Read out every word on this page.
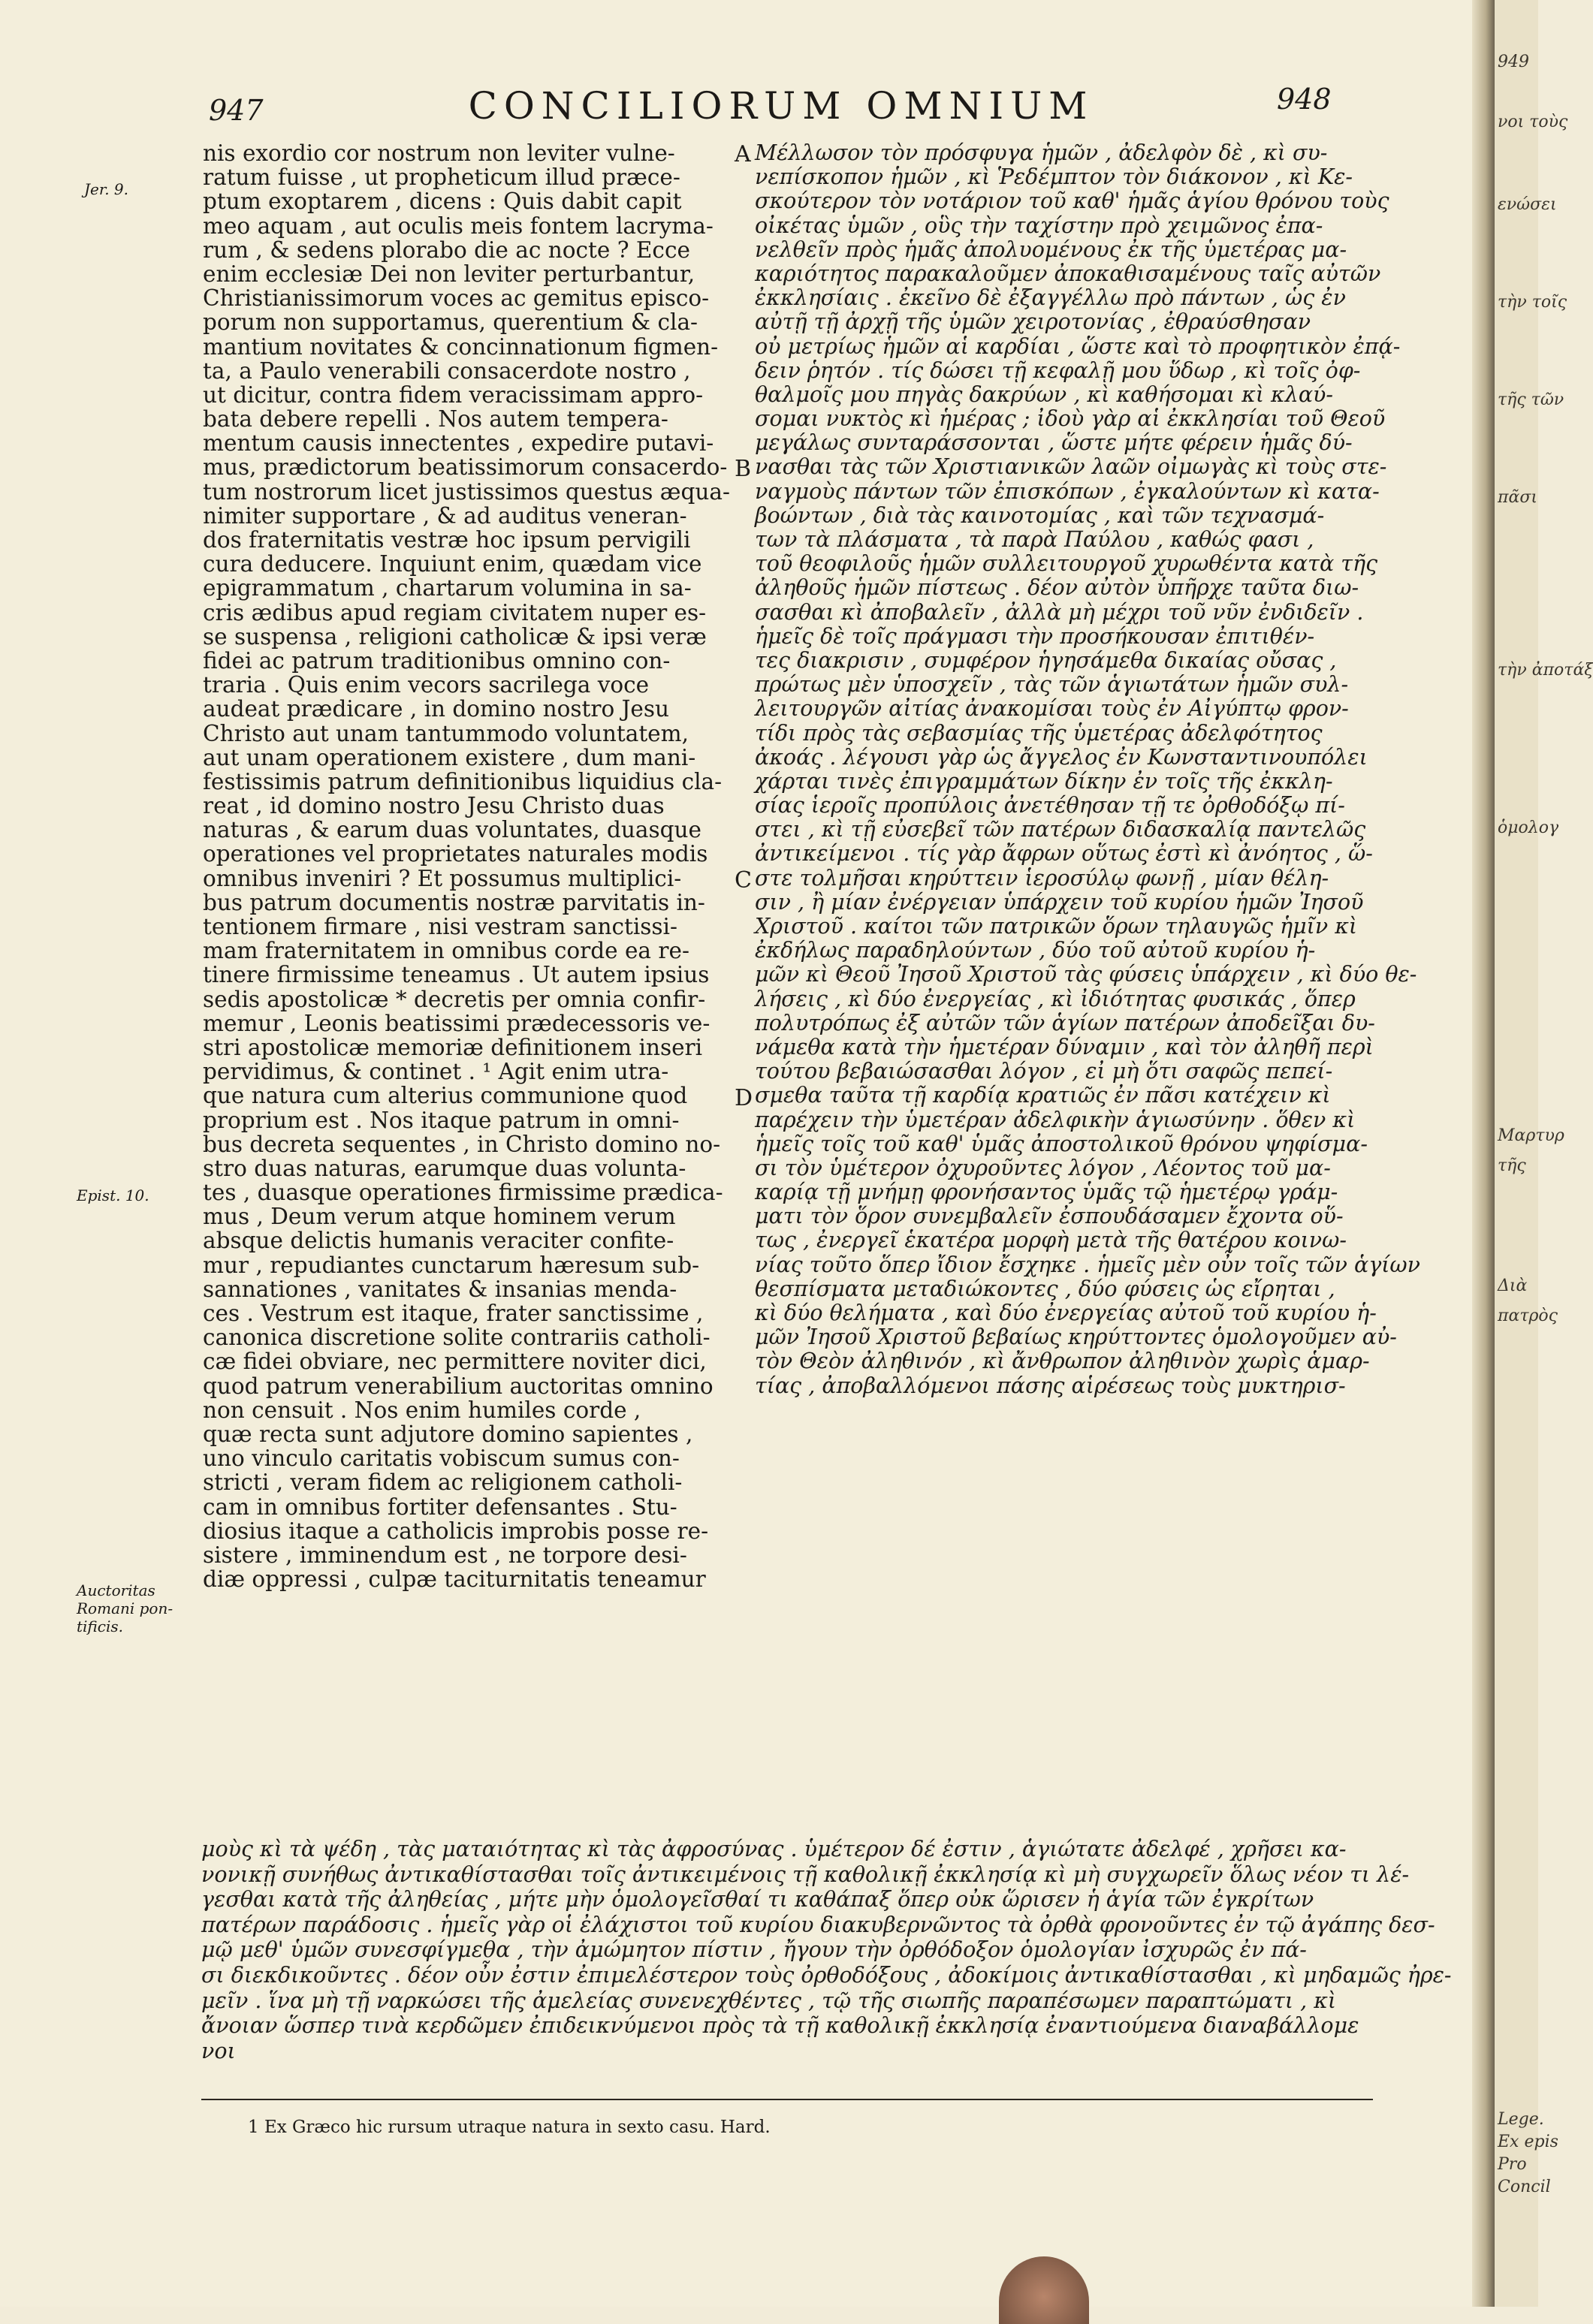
947	CONCILIORUM OMNIUM	948
Jer. 9.
Epist. 10.
Auctoritas
Romani pon-
tificis.
A
B
C
D
nis exordio cor nostrum non leviter vulne-
ratum fuisse , ut propheticum illud præce-
ptum exoptarem , dicens : Quis dabit capit
meo aquam , aut oculis meis fontem lacryma-
rum , & sedens plorabo die ac nocte ? Ecce
enim ecclesiæ Dei non leviter perturbantur,
Christianissimorum voces ac gemitus episco-
porum non supportamus, querentium & cla-
mantium novitates & concinnationum figmen-
ta, a Paulo venerabili consacerdote nostro ,
ut dicitur, contra fidem veracissimam appro-
bata debere repelli . Nos autem tempera-
mentum causis innectentes , expedire putavi-
mus, prædictorum beatissimorum consacerdo-
tum nostrorum licet justissimos questus æqua-
nimiter supportare , & ad auditus veneran-
dos fraternitatis vestræ hoc ipsum pervigili
cura deducere. Inquiunt enim, quædam vice
epigrammatum , chartarum volumina in sa-
cris ædibus apud regiam civitatem nuper es-
se suspensa , religioni catholicæ & ipsi veræ
fidei ac patrum traditionibus omnino con-
traria . Quis enim vecors sacrilega voce
audeat prædicare , in domino nostro Jesu
Christo aut unam tantummodo voluntatem,
aut unam operationem existere , dum mani-
festissimis patrum definitionibus liquidius cla-
reat , id domino nostro Jesu Christo duas
naturas , & earum duas voluntates, duasque
operationes vel proprietates naturales modis
omnibus inveniri ? Et possumus multiplici-
bus patrum documentis nostræ parvitatis in-
tentionem firmare , nisi vestram sanctissi-
mam fraternitatem in omnibus corde ea re-
tinere firmissime teneamus . Ut autem ipsius
sedis apostolicæ * decretis per omnia confir-
memur , Leonis beatissimi prædecessoris ve-
stri apostolicæ memoriæ definitionem inseri
pervidimus, & continet . ¹ Agit enim utra-
que natura cum alterius communione quod
proprium est . Nos itaque patrum in omni-
bus decreta sequentes , in Christo domino no-
stro duas naturas, earumque duas volunta-
tes , duasque operationes firmissime prædica-
mus , Deum verum atque hominem verum
absque delictis humanis veraciter confite-
mur , repudiantes cunctarum hæresum sub-
sannationes , vanitates & insanias menda-
ces . Vestrum est itaque, frater sanctissime ,
canonica discretione solite contrariis catholi-
cæ fidei obviare, nec permittere noviter dici,
quod patrum venerabilium auctoritas omnino
non censuit . Nos enim humiles corde ,
quæ recta sunt adjutore domino sapientes ,
uno vinculo caritatis vobiscum sumus con-
stricti , veram fidem ac religionem catholi-
cam in omnibus fortiter defensantes . Stu-
diosius itaque a catholicis improbis posse re-
sistere , imminendum est , ne torpore desi-
diæ oppressi , culpæ taciturnitatis teneamur
Μέλλωσον τὸν πρόσφυγα ἡμῶν , ἀδελφὸν δὲ , κὶ συ-
νεπίσκοπον ἡμῶν , κὶ Ῥεδέμπτον τὸν διάκονον , κὶ Κε-
σκούτερον τὸν νοτάριον τοῦ καθ' ἡμᾶς ἁγίου θρόνου τοὺς
οἰκέτας ὑμῶν , οὓς τὴν ταχίστην πρὸ χειμῶνος ἐπα-
νελθεῖν πρὸς ἡμᾶς ἀπολυομένους ἐκ τῆς ὑμετέρας μα-
καριότητος παρακαλοῦμεν ἀποκαθισαμένους ταῖς αὐτῶν
ἐκκλησίαις . ἐκεῖνο δὲ ἐξαγγέλλω πρὸ πάντων , ὡς ἐν
αὐτῇ τῇ ἀρχῇ τῆς ὑμῶν χειροτονίας , ἐθραύσθησαν
οὐ μετρίως ἡμῶν αἱ καρδίαι , ὥστε καὶ τὸ προφητικὸν ἐπᾴ-
δειν ῥητόν . τίς δώσει τῇ κεφαλῇ μου ὕδωρ , κὶ τοῖς ὀφ-
θαλμοῖς μου πηγὰς δακρύων , κὶ καθήσομαι κὶ κλαύ-
σομαι νυκτὸς κὶ ἡμέρας ; ἰδοὺ γὰρ αἱ ἐκκλησίαι τοῦ Θεοῦ
μεγάλως συνταράσσονται , ὥστε μήτε φέρειν ἡμᾶς δύ-
νασθαι τὰς τῶν Χριστιανικῶν λαῶν οἰμωγὰς κὶ τοὺς στε-
ναγμοὺς πάντων τῶν ἐπισκόπων , ἐγκαλούντων κὶ κατα-
βοώντων , διὰ τὰς καινοτομίας , καὶ τῶν τεχνασμά-
των τὰ πλάσματα , τὰ παρὰ Παύλου , καθώς φασι ,
τοῦ θεοφιλοῦς ἡμῶν συλλειτουργοῦ χυρωθέντα κατὰ τῆς
ἀληθοῦς ἡμῶν πίστεως . δέον αὐτὸν ὑπῆρχε ταῦτα διω-
σασθαι κὶ ἀποβαλεῖν , ἀλλὰ μὴ μέχρι τοῦ νῦν ἐνδιδεῖν .
ἡμεῖς δὲ τοῖς πράγμασι τὴν προσήκουσαν ἐπιτιθέν-
τες διακρισιν , συμφέρον ἡγησάμεθα δικαίας οὔσας ,
πρώτως μὲν ὑποσχεῖν , τὰς τῶν ἁγιωτάτων ἡμῶν συλ-
λειτουργῶν αἰτίας ἀνακομίσαι τοὺς ἐν Αἰγύπτῳ φρον-
τίδι πρὸς τὰς σεβασμίας τῆς ὑμετέρας ἀδελφότητος
ἀκοάς . λέγουσι γὰρ ὡς ἄγγελος ἐν Κωνσταντινουπόλει
χάρται τινὲς ἐπιγραμμάτων δίκην ἐν τοῖς τῆς ἐκκλη-
σίας ἱεροῖς προπύλοις ἀνετέθησαν τῇ τε ὀρθοδόξῳ πί-
στει , κὶ τῇ εὐσεβεῖ τῶν πατέρων διδασκαλίᾳ παντελῶς
ἀντικείμενοι . τίς γὰρ ἄφρων οὕτως ἐστὶ κὶ ἀνόητος , ὥ-
στε τολμῆσαι κηρύττειν ἱεροσύλῳ φωνῇ , μίαν θέλη-
σιν , ἢ μίαν ἐνέργειαν ὑπάρχειν τοῦ κυρίου ἡμῶν Ἰησοῦ
Χριστοῦ . καίτοι τῶν πατρικῶν ὅρων τηλαυγῶς ἡμῖν κὶ
ἐκδήλως παραδηλούντων , δύο τοῦ αὐτοῦ κυρίου ἡ-
μῶν κὶ Θεοῦ Ἰησοῦ Χριστοῦ τὰς φύσεις ὑπάρχειν , κὶ δύο θε-
λήσεις , κὶ δύο ἐνεργείας , κὶ ἰδιότητας φυσικάς , ὅπερ
πολυτρόπως ἐξ αὐτῶν τῶν ἁγίων πατέρων ἀποδεῖξαι δυ-
νάμεθα κατὰ τὴν ἡμετέραν δύναμιν , καὶ τὸν ἀληθῆ περὶ
τούτου βεβαιώσασθαι λόγον , εἰ μὴ ὅτι σαφῶς πεπεί-
σμεθα ταῦτα τῇ καρδίᾳ κρατιῶς ἐν πᾶσι κατέχειν κὶ
παρέχειν τὴν ὑμετέραν ἀδελφικὴν ἁγιωσύνην . ὅθεν κὶ
ἡμεῖς τοῖς τοῦ καθ' ὑμᾶς ἀποστολικοῦ θρόνου ψηφίσμα-
σι τὸν ὑμέτερον ὀχυροῦντες λόγον , Λέοντος τοῦ μα-
καρίᾳ τῇ μνήμῃ φρονήσαντος ὑμᾶς τῷ ἡμετέρῳ γράμ-
ματι τὸν ὅρον συνεμβαλεῖν ἐσπουδάσαμεν ἔχοντα οὕ-
τως , ἐνεργεῖ ἑκατέρα μορφὴ μετὰ τῆς θατέρου κοινω-
νίας τοῦτο ὅπερ ἴδιον ἔσχηκε . ἡμεῖς μὲν οὖν τοῖς τῶν ἁγίων
θεσπίσματα μεταδιώκοντες , δύο φύσεις ὡς εἴρηται ,
κὶ δύο θελήματα , καὶ δύο ἐνεργείας αὐτοῦ τοῦ κυρίου ἡ-
μῶν Ἰησοῦ Χριστοῦ βεβαίως κηρύττοντες ὁμολογοῦμεν αὐ-
τὸν Θεὸν ἀληθινόν , κὶ ἄνθρωπον ἀληθινὸν χωρὶς ἁμαρ-
τίας , ἀποβαλλόμενοι πάσης αἱρέσεως τοὺς μυκτηρισ-
μοὺς κὶ τὰ ψέδη , τὰς ματαιότητας κὶ τὰς ἀφροσύνας . ὑμέτερον δέ ἐστιν , ἁγιώτατε ἀδελφέ , χρῆσει κα-
νονικῇ συνήθως ἀντικαθίστασθαι τοῖς ἀντικειμένοις τῇ καθολικῇ ἐκκλησίᾳ κὶ μὴ συγχωρεῖν ὅλως νέον τι λέ-
γεσθαι κατὰ τῆς ἀληθείας , μήτε μὴν ὁμολογεῖσθαί τι καθάπαξ ὅπερ οὐκ ὥρισεν ἡ ἁγία τῶν ἐγκρίτων
πατέρων παράδοσις . ἡμεῖς γὰρ οἱ ἐλάχιστοι τοῦ κυρίου διακυβερνῶντος τὰ ὀρθὰ φρονοῦντες ἐν τῷ ἀγάπης δεσ-
μῷ μεθ' ὑμῶν συνεσφίγμεθα , τὴν ἀμώμητον πίστιν , ἤγουν τὴν ὀρθόδοξον ὁμολογίαν ἰσχυρῶς ἐν πά-
σι διεκδικοῦντες . δέον οὖν ἐστιν ἐπιμελέστερον τοὺς ὀρθοδόξους , ἀδοκίμοις ἀντικαθίστασθαι , κὶ μηδαμῶς ἠρε-
μεῖν . ἵνα μὴ τῇ ναρκώσει τῆς ἀμελείας συνενεχθέντες , τῷ τῆς σιωπῆς παραπέσωμεν παραπτώματι , κὶ
ἄνοιαν ὥσπερ τινὰ κερδῶμεν ἐπιδεικνύμενοι πρὸς τὰ τῇ καθολικῇ ἐκκλησίᾳ ἐναντιούμενα διαναβάλλομε
νοι
1 Ex Græco hic rursum utraque natura in sexto casu. Hard.
949
νοι τοὺς
ενώσει
τὴν τοῖς
τῆς τῶν
πᾶσι
τὴν ἀποτάξ
ὁμολογ
Μαρτυρ
τῆς
Διὰ
πατρὸς
Lege.
Ex epis
Pro
Concil
